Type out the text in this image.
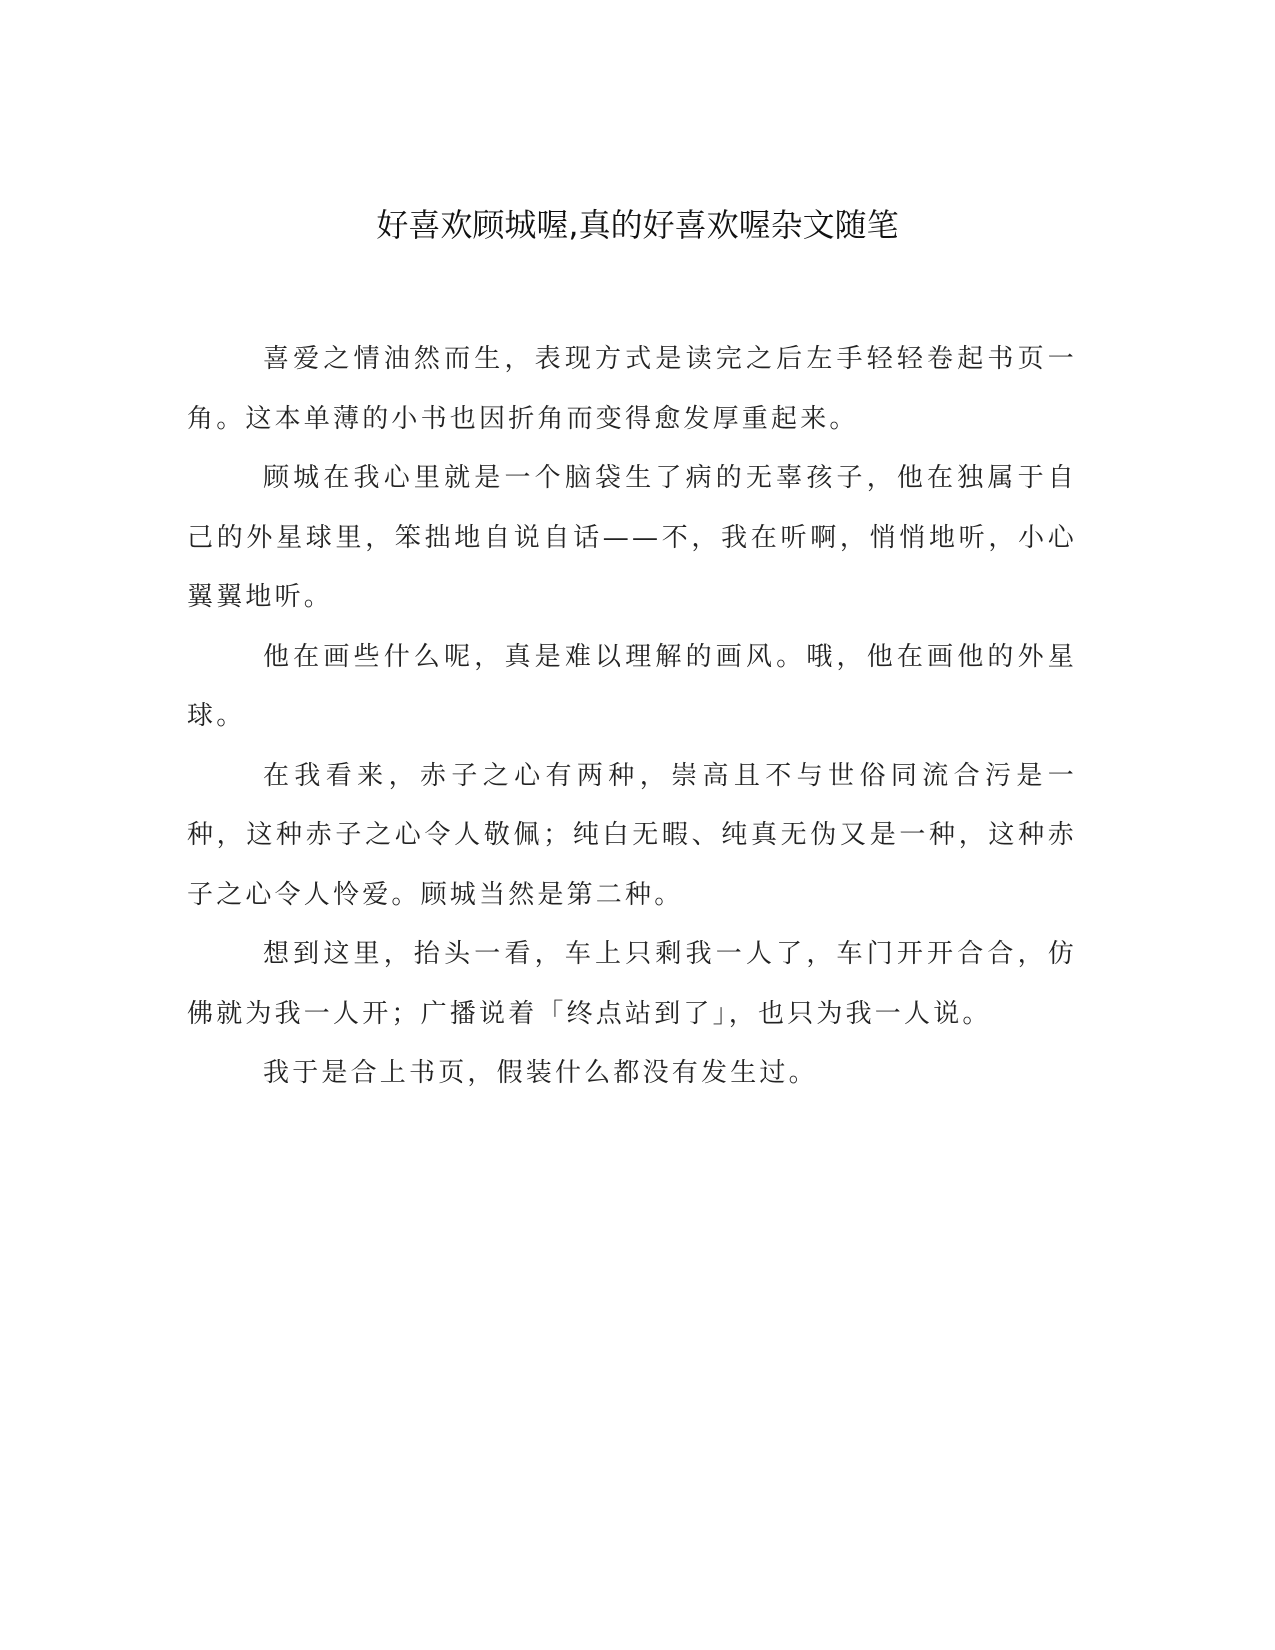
好喜欢顾城喔,真的好喜欢喔杂文随笔

喜爱之情油然而生，表现方式是读完之后左手轻轻卷起书页一角。这本单薄的小书也因折角而变得愈发厚重起来。

顾城在我心里就是一个脑袋生了病的无辜孩子，他在独属于自己的外星球里，笨拙地自说自话——不，我在听啊，悄悄地听，小心翼翼地听。

他在画些什么呢，真是难以理解的画风。哦，他在画他的外星球。

在我看来，赤子之心有两种，崇高且不与世俗同流合污是一种，这种赤子之心令人敬佩；纯白无暇、纯真无伪又是一种，这种赤子之心令人怜爱。顾城当然是第二种。

想到这里，抬头一看，车上只剩我一人了，车门开开合合，仿佛就为我一人开；广播说着「终点站到了」，也只为我一人说。

我于是合上书页，假装什么都没有发生过。
